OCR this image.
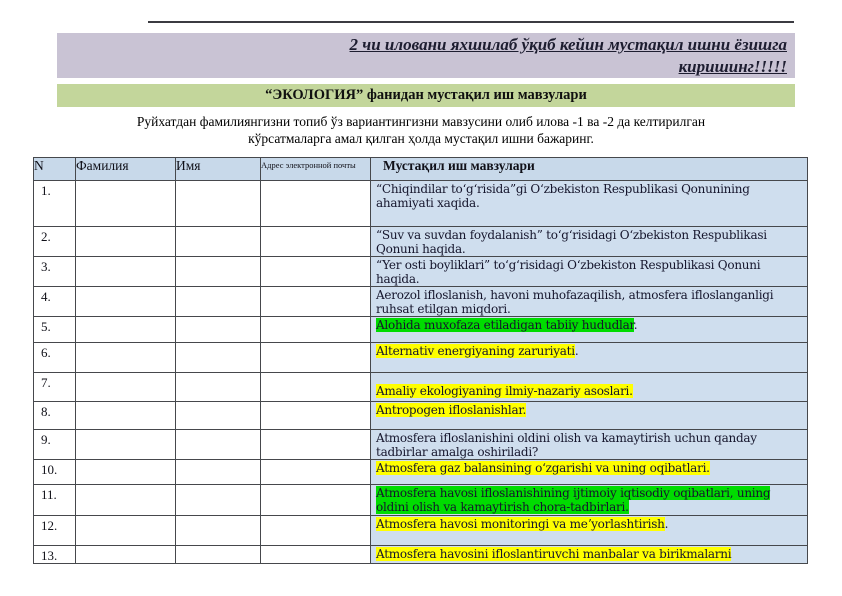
2 чи иловани яхшилаб ўқиб кейин мустақил ишни ёзишга
киришинг!!!!!
“ЭКОЛОГИЯ” фанидан мустақил иш мавзулари
Руйхатдан фамилиянгизни топиб ўз вариантингизни мавзусини олиб илова -1 ва -2 да келтирилган
кўрсатмаларга амал қилган ҳолда мустақил ишни бажаринг.
N	Фамилия	Имя	Адрес электронной почты	Мустақил иш мавзулари
1.				“Chiqindilar toʻgʻrisida”gi Oʻzbekiston Respublikasi Qonunining ahamiyati xaqida.
2.				“Suv va suvdan foydalanish” toʻgʻrisidagi Oʻzbekiston Respublikasi Qonuni haqida.
3.				“Yer osti boyliklari” toʻgʻrisidagi Oʻzbekiston Respublikasi Qonuni haqida.
4.				Aerozol ifloslanish, havoni muhofazaqilish, atmosfera ifloslanganligi ruhsat etilgan miqdori.
5.				Alohida muxofaza etiladigan tabiiy hududlar.
6.				Alternativ energiyaning zaruriyati.
7.				Amaliy ekologiyaning ilmiy-nazariy asoslari.
8.				Antropogen ifloslanishlar.
9.				Atmosfera ifloslanishini oldini olish va kamaytirish uchun qanday tadbirlar amalga oshiriladi?
10.				Atmosfera gaz balansining oʻzgarishi va uning oqibatlari.
11.				Atmosfera havosi ifloslanishining ijtimoiy iqtisodiy oqibatlari, uning oldini olish va kamaytirish chora-tadbirlari.
12.				Atmosfera havosi monitoringi va meʼyorlashtirish.
13.				Atmosfera havosini ifloslantiruvchi manbalar va birikmalarni
